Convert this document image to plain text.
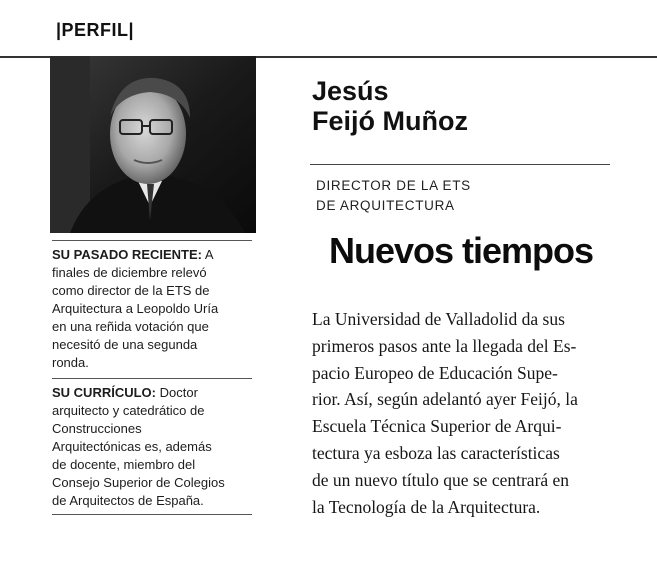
|PERFIL|
Jesús
Feijó Muñoz
DIRECTOR DE LA ETS
DE ARQUITECTURA
Nuevos tiempos
La Universidad de Valladolid da sus
primeros pasos ante la llegada del Es-
pacio Europeo de Educación Supe-
rior. Así, según adelantó ayer Feijó, la
Escuela Técnica Superior de Arqui-
tectura ya esboza las características
de un nuevo título que se centrará en
la Tecnología de la Arquitectura.
SU PASADO RECIENTE: A
finales de diciembre relevó
como director de la ETS de
Arquitectura a Leopoldo Uría
en una reñida votación que
necesitó de una segunda
ronda.
SU CURRÍCULO: Doctor
arquitecto y catedrático de
Construcciones
Arquitectónicas es, además
de docente, miembro del
Consejo Superior de Colegios
de Arquitectos de España.
